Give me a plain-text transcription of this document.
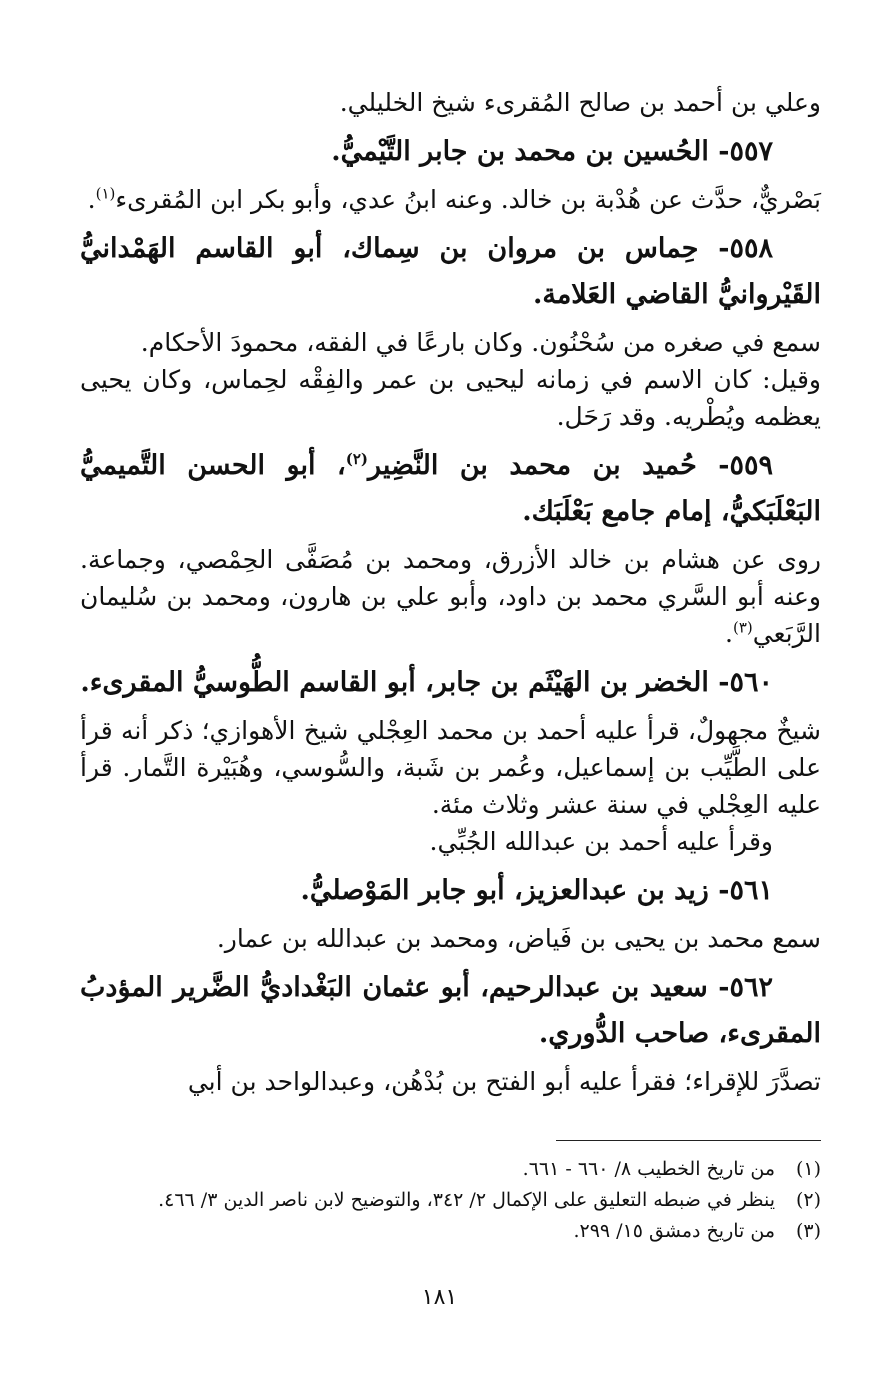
وعلي بن أحمد بن صالح المُقرىء شيخ الخليلي.

٥٥٧- الحُسين بن محمد بن جابر التَّيْميُّ.

بَصْريٌّ، حدَّث عن هُدْبة بن خالد. وعنه ابنُ عدي، وأبو بكر ابن المُقرىء$^{(١)}$.

٥٥٨- حِماس بن مروان بن سِماك، أبو القاسم الهَمْدانيُّ القَيْروانيُّ القاضي العَلامة.

سمع في صغره من سُحْنُون. وكان بارعًا في الفقه، محمودَ الأحكام.

وقيل: كان الاسم في زمانه ليحيى بن عمر والفِقْه لحِماس، وكان يحيى يعظمه ويُطْريه. وقد رَحَل.

٥٥٩- حُميد بن محمد بن النَّضِير$^{(٢)}$، أبو الحسن التَّميميُّ البَعْلَبَكيُّ، إمام جامع بَعْلَبَك.

روى عن هشام بن خالد الأزرق، ومحمد بن مُصَفَّى الحِمْصي، وجماعة. وعنه أبو السَّري محمد بن داود، وأبو علي بن هارون، ومحمد بن سُليمان الرَّبَعي$^{(٣)}$.

٥٦٠- الخضر بن الهَيْثَم بن جابر، أبو القاسم الطُّوسيُّ المقرىء.

شيخٌ مجهولٌ، قرأ عليه أحمد بن محمد العِجْلي شيخ الأهوازي؛ ذكر أنه قرأ على الطَّيِّب بن إسماعيل، وعُمر بن شَبة، والسُّوسي، وهُبَيْرة التَّمار. قرأ عليه العِجْلي في سنة عشر وثلاث مئة.

وقرأ عليه أحمد بن عبدالله الجُبِّي.

٥٦١- زيد بن عبدالعزيز، أبو جابر المَوْصليُّ.

سمع محمد بن يحيى بن فَياض، ومحمد بن عبدالله بن عمار.

٥٦٢- سعيد بن عبدالرحيم، أبو عثمان البَغْداديُّ الضَّرير المؤدبُ المقرىء، صاحب الدُّوري.

تصدَّرَ للإقراء؛ فقرأ عليه أبو الفتح بن بُدْهُن، وعبدالواحد بن أبي

(١)
من تاريخ الخطيب ٨/ ٦٦٠ - ٦٦١.
(٢)
ينظر في ضبطه التعليق على الإكمال ٢/ ٣٤٢، والتوضيح لابن ناصر الدين ٣/ ٤٦٦.
(٣)
من تاريخ دمشق ١٥/ ٢٩٩.
١٨١
